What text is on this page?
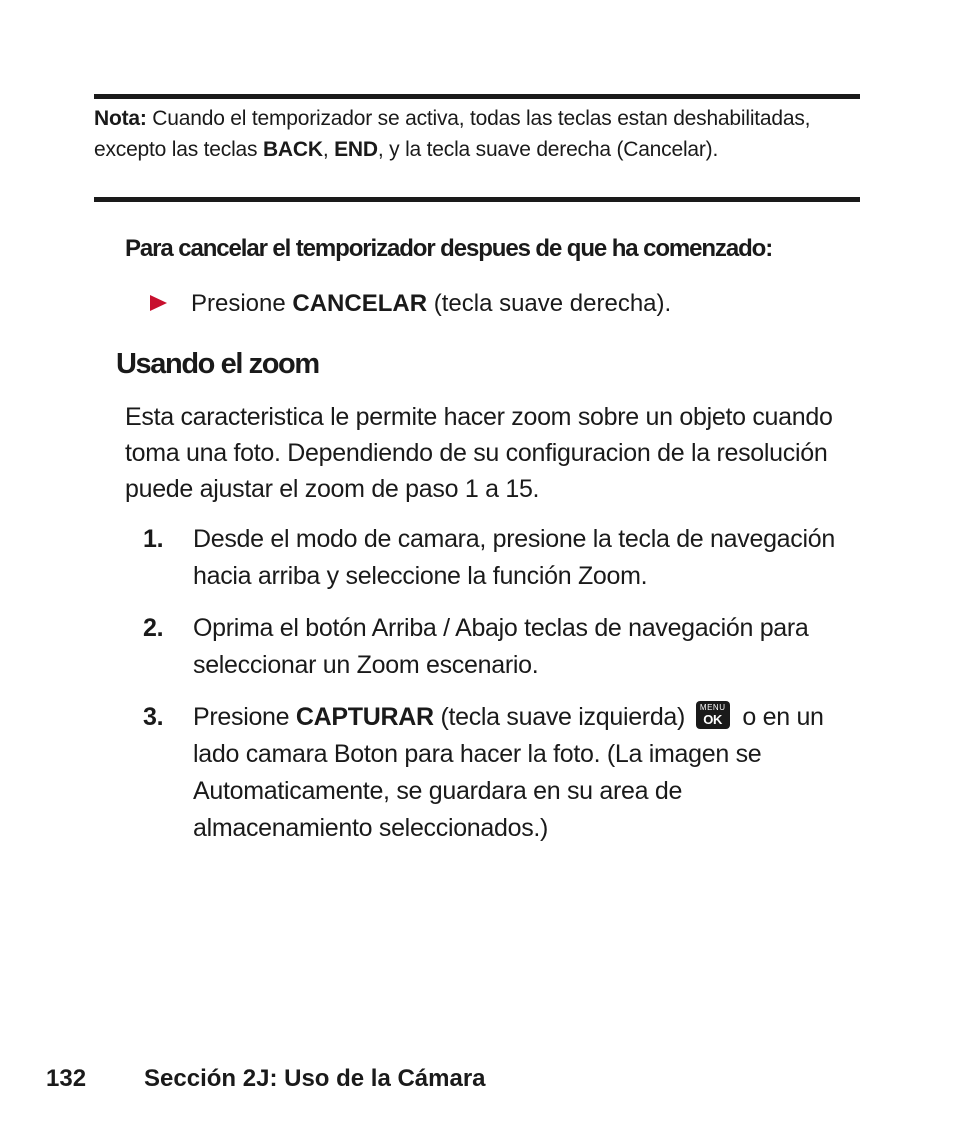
Nota: Cuando el temporizador se activa, todas las teclas estan deshabilitadas, excepto las teclas BACK, END, y la tecla suave derecha (Cancelar).
Para cancelar el temporizador despues de que ha comenzado:
Presione CANCELAR (tecla suave derecha).
Usando el zoom
Esta caracteristica le permite hacer zoom sobre un objeto cuando toma una foto. Dependiendo de su configuracion de la resolución puede ajustar el zoom de paso 1 a 15.
1. Desde el modo de camara, presione la tecla de navegación hacia arriba y seleccione la función Zoom.
2. Oprima el botón Arriba / Abajo teclas de navegación para seleccionar un Zoom escenario.
3. Presione CAPTURAR (tecla suave izquierda)	MENU
OK o en un lado camara Boton para hacer la foto. (La imagen se Automaticamente, se guardara en su area de almacenamiento seleccionados.)
132 Sección 2J: Uso de la Cámara
